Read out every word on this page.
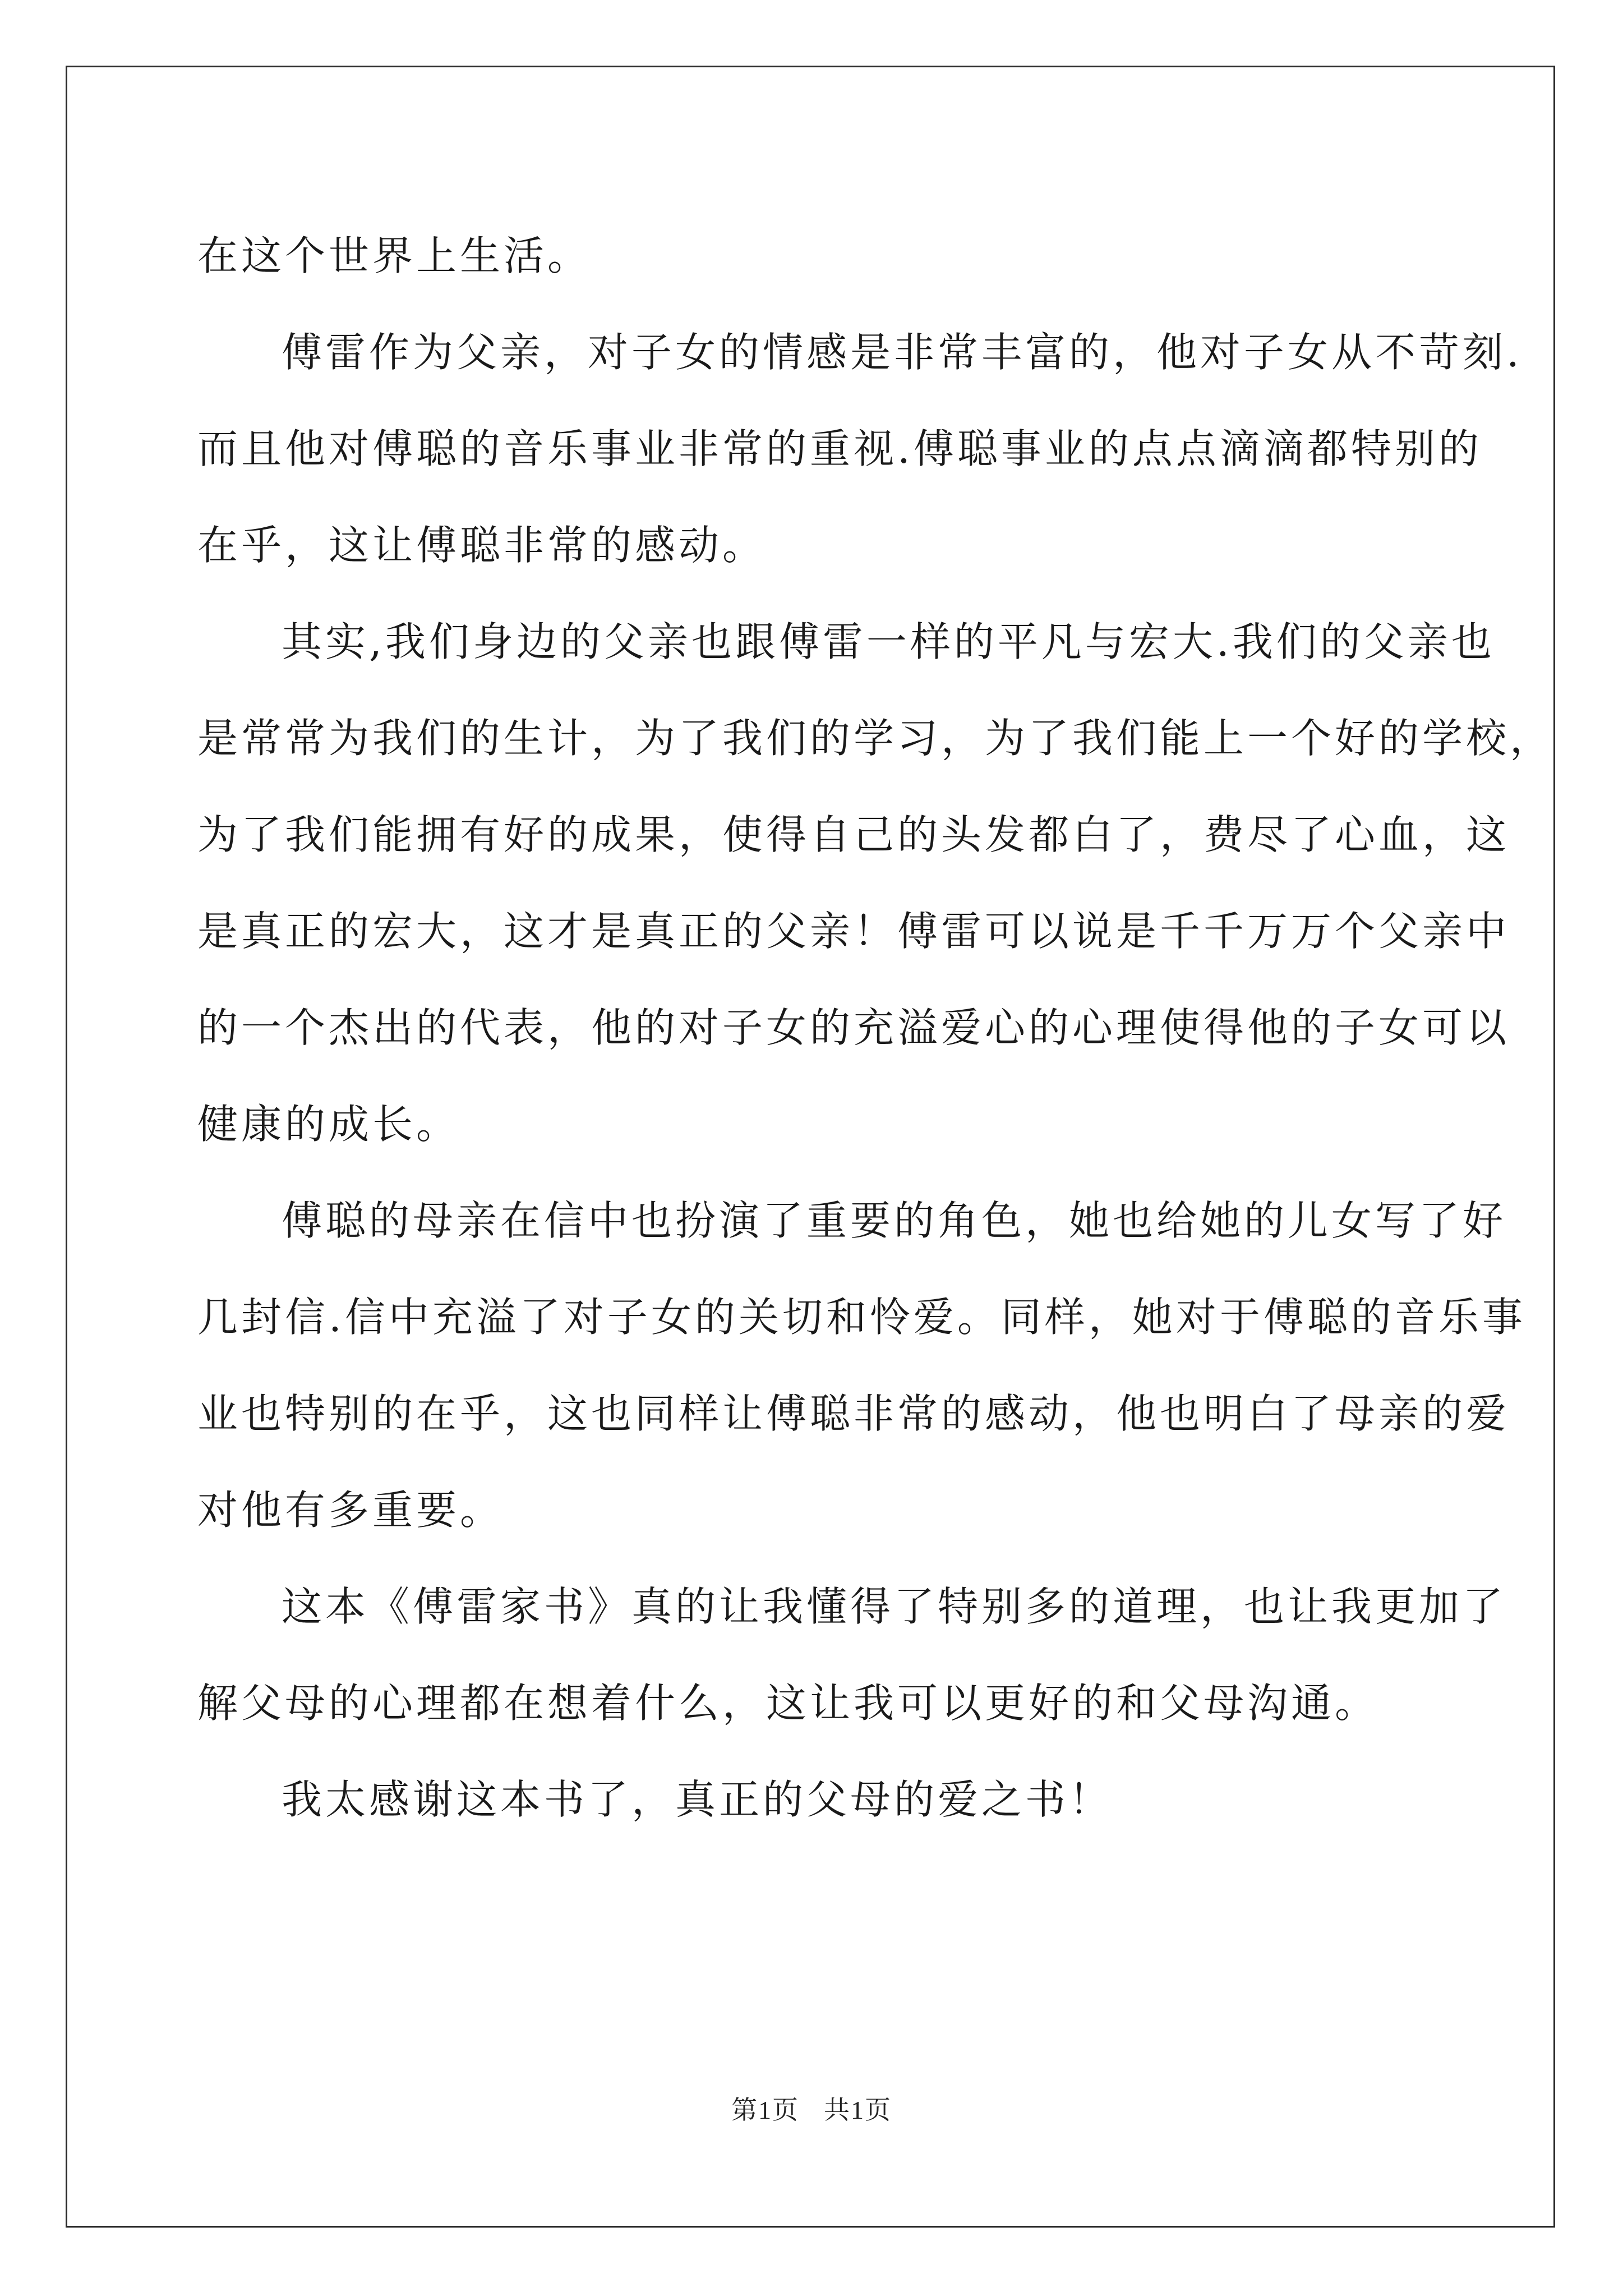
在这个世界上生活。
傅雷作为父亲，对子女的情感是非常丰富的，他对子女从不苛刻.
而且他对傅聪的音乐事业非常的重视.傅聪事业的点点滴滴都特别的
在乎，这让傅聪非常的感动。
其实,我们身边的父亲也跟傅雷一样的平凡与宏大.我们的父亲也
是常常为我们的生计，为了我们的学习，为了我们能上一个好的学校，
为了我们能拥有好的成果，使得自己的头发都白了，费尽了心血，这
是真正的宏大，这才是真正的父亲！傅雷可以说是千千万万个父亲中
的一个杰出的代表，他的对子女的充溢爱心的心理使得他的子女可以
健康的成长。
傅聪的母亲在信中也扮演了重要的角色，她也给她的儿女写了好
几封信.信中充溢了对子女的关切和怜爱。同样，她对于傅聪的音乐事
业也特别的在乎，这也同样让傅聪非常的感动，他也明白了母亲的爱
对他有多重要。
这本《傅雷家书》真的让我懂得了特别多的道理，也让我更加了
解父母的心理都在想着什么，这让我可以更好的和父母沟通。
我太感谢这本书了，真正的父母的爱之书！
第1页 共1页
